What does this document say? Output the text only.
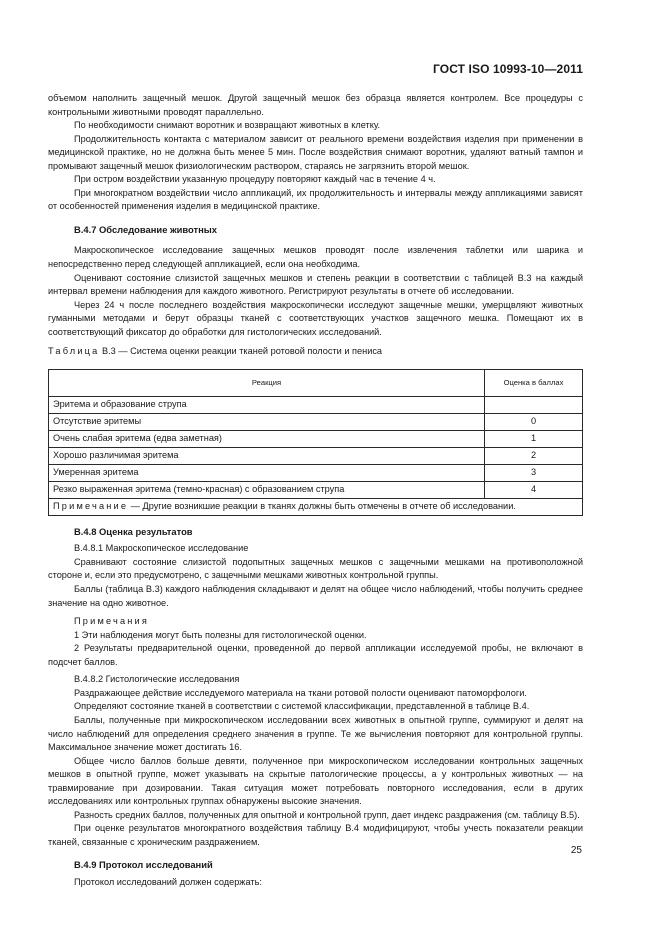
ГОСТ ISO 10993-10—2011

объемом наполнить защечный мешок. Другой защечный мешок без образца является контролем. Все процедуры с контрольными животными проводят параллельно.

По необходимости снимают воротник и возвращают животных в клетку.

Продолжительность контакта с материалом зависит от реального времени воздействия изделия при применении в медицинской практике, но не должна быть менее 5 мин. После воздействия снимают воротник, удаляют ватный тампон и промывают защечный мешок физиологическим раствором, стараясь не загрязнить второй мешок.

При остром воздействии указанную процедуру повторяют каждый час в течение 4 ч.

При многократном воздействии число аппликаций, их продолжительность и интервалы между аппликациями зависят от особенностей применения изделия в медицинской практике.

В.4.7 Обследование животных

Макроскопическое исследование защечных мешков проводят после извлечения таблетки или шарика и непосредственно перед следующей аппликацией, если она необходима.

Оценивают состояние слизистой защечных мешков и степень реакции в соответствии с таблицей В.3 на каждый интервал времени наблюдения для каждого животного. Регистрируют результаты в отчете об исследовании.

Через 24 ч после последнего воздействия макроскопически исследуют защечные мешки, умерщвляют животных гуманными методами и берут образцы тканей с соответствующих участков защечного мешка. Помещают их в соответствующий фиксатор до обработки для гистологических исследований.

Таблица В.3 — Система оценки реакции тканей ротовой полости и пениса
Реакция	Оценка в баллах
Эритема и образование струпа	
Отсутствие эритемы	0
Очень слабая эритема (едва заметная)	1
Хорошо различимая эритема	2
Умеренная эритема	3
Резко выраженная эритема (темно-красная) с образованием струпа	4
Примечание — Другие возникшие реакции в тканях должны быть отмечены в отчете об исследовании.	
В.4.8 Оценка результатов
В.4.8.1 Макроскопическое исследование

Сравнивают состояние слизистой подопытных защечных мешков с защечными мешками на противоположной стороне и, если это предусмотрено, с защечными мешками животных контрольной группы.

Баллы (таблица В.3) каждого наблюдения складывают и делят на общее число наблюдений, чтобы получить среднее значение на одно животное.

Примечания

1 Эти наблюдения могут быть полезны для гистологической оценки.

2 Результаты предварительной оценки, проведенной до первой аппликации исследуемой пробы, не включают в подсчет баллов.

В.4.8.2 Гистологические исследования

Раздражающее действие исследуемого материала на ткани ротовой полости оценивают патоморфологи.

Определяют состояние тканей в соответствии с системой классификации, представленной в таблице В.4.

Баллы, полученные при микроскопическом исследовании всех животных в опытной группе, суммируют и делят на число наблюдений для определения среднего значения в группе. Те же вычисления повторяют для контрольной группы. Максимальное значение может достигать 16.

Общее число баллов больше девяти, полученное при микроскопическом исследовании контрольных защечных мешков в опытной группе, может указывать на скрытые патологические процессы, а у контрольных животных — на травмирование при дозировании. Такая ситуация может потребовать повторного исследования, если в других исследованиях или контрольных группах обнаружены высокие значения.

Разность средних баллов, полученных для опытной и контрольной групп, дает индекс раздражения (см. таблицу В.5).

При оценке результатов многократного воздействия таблицу В.4 модифицируют, чтобы учесть показатели реакции тканей, связанные с хроническим раздражением.

В.4.9 Протокол исследований

Протокол исследований должен содержать:

25
